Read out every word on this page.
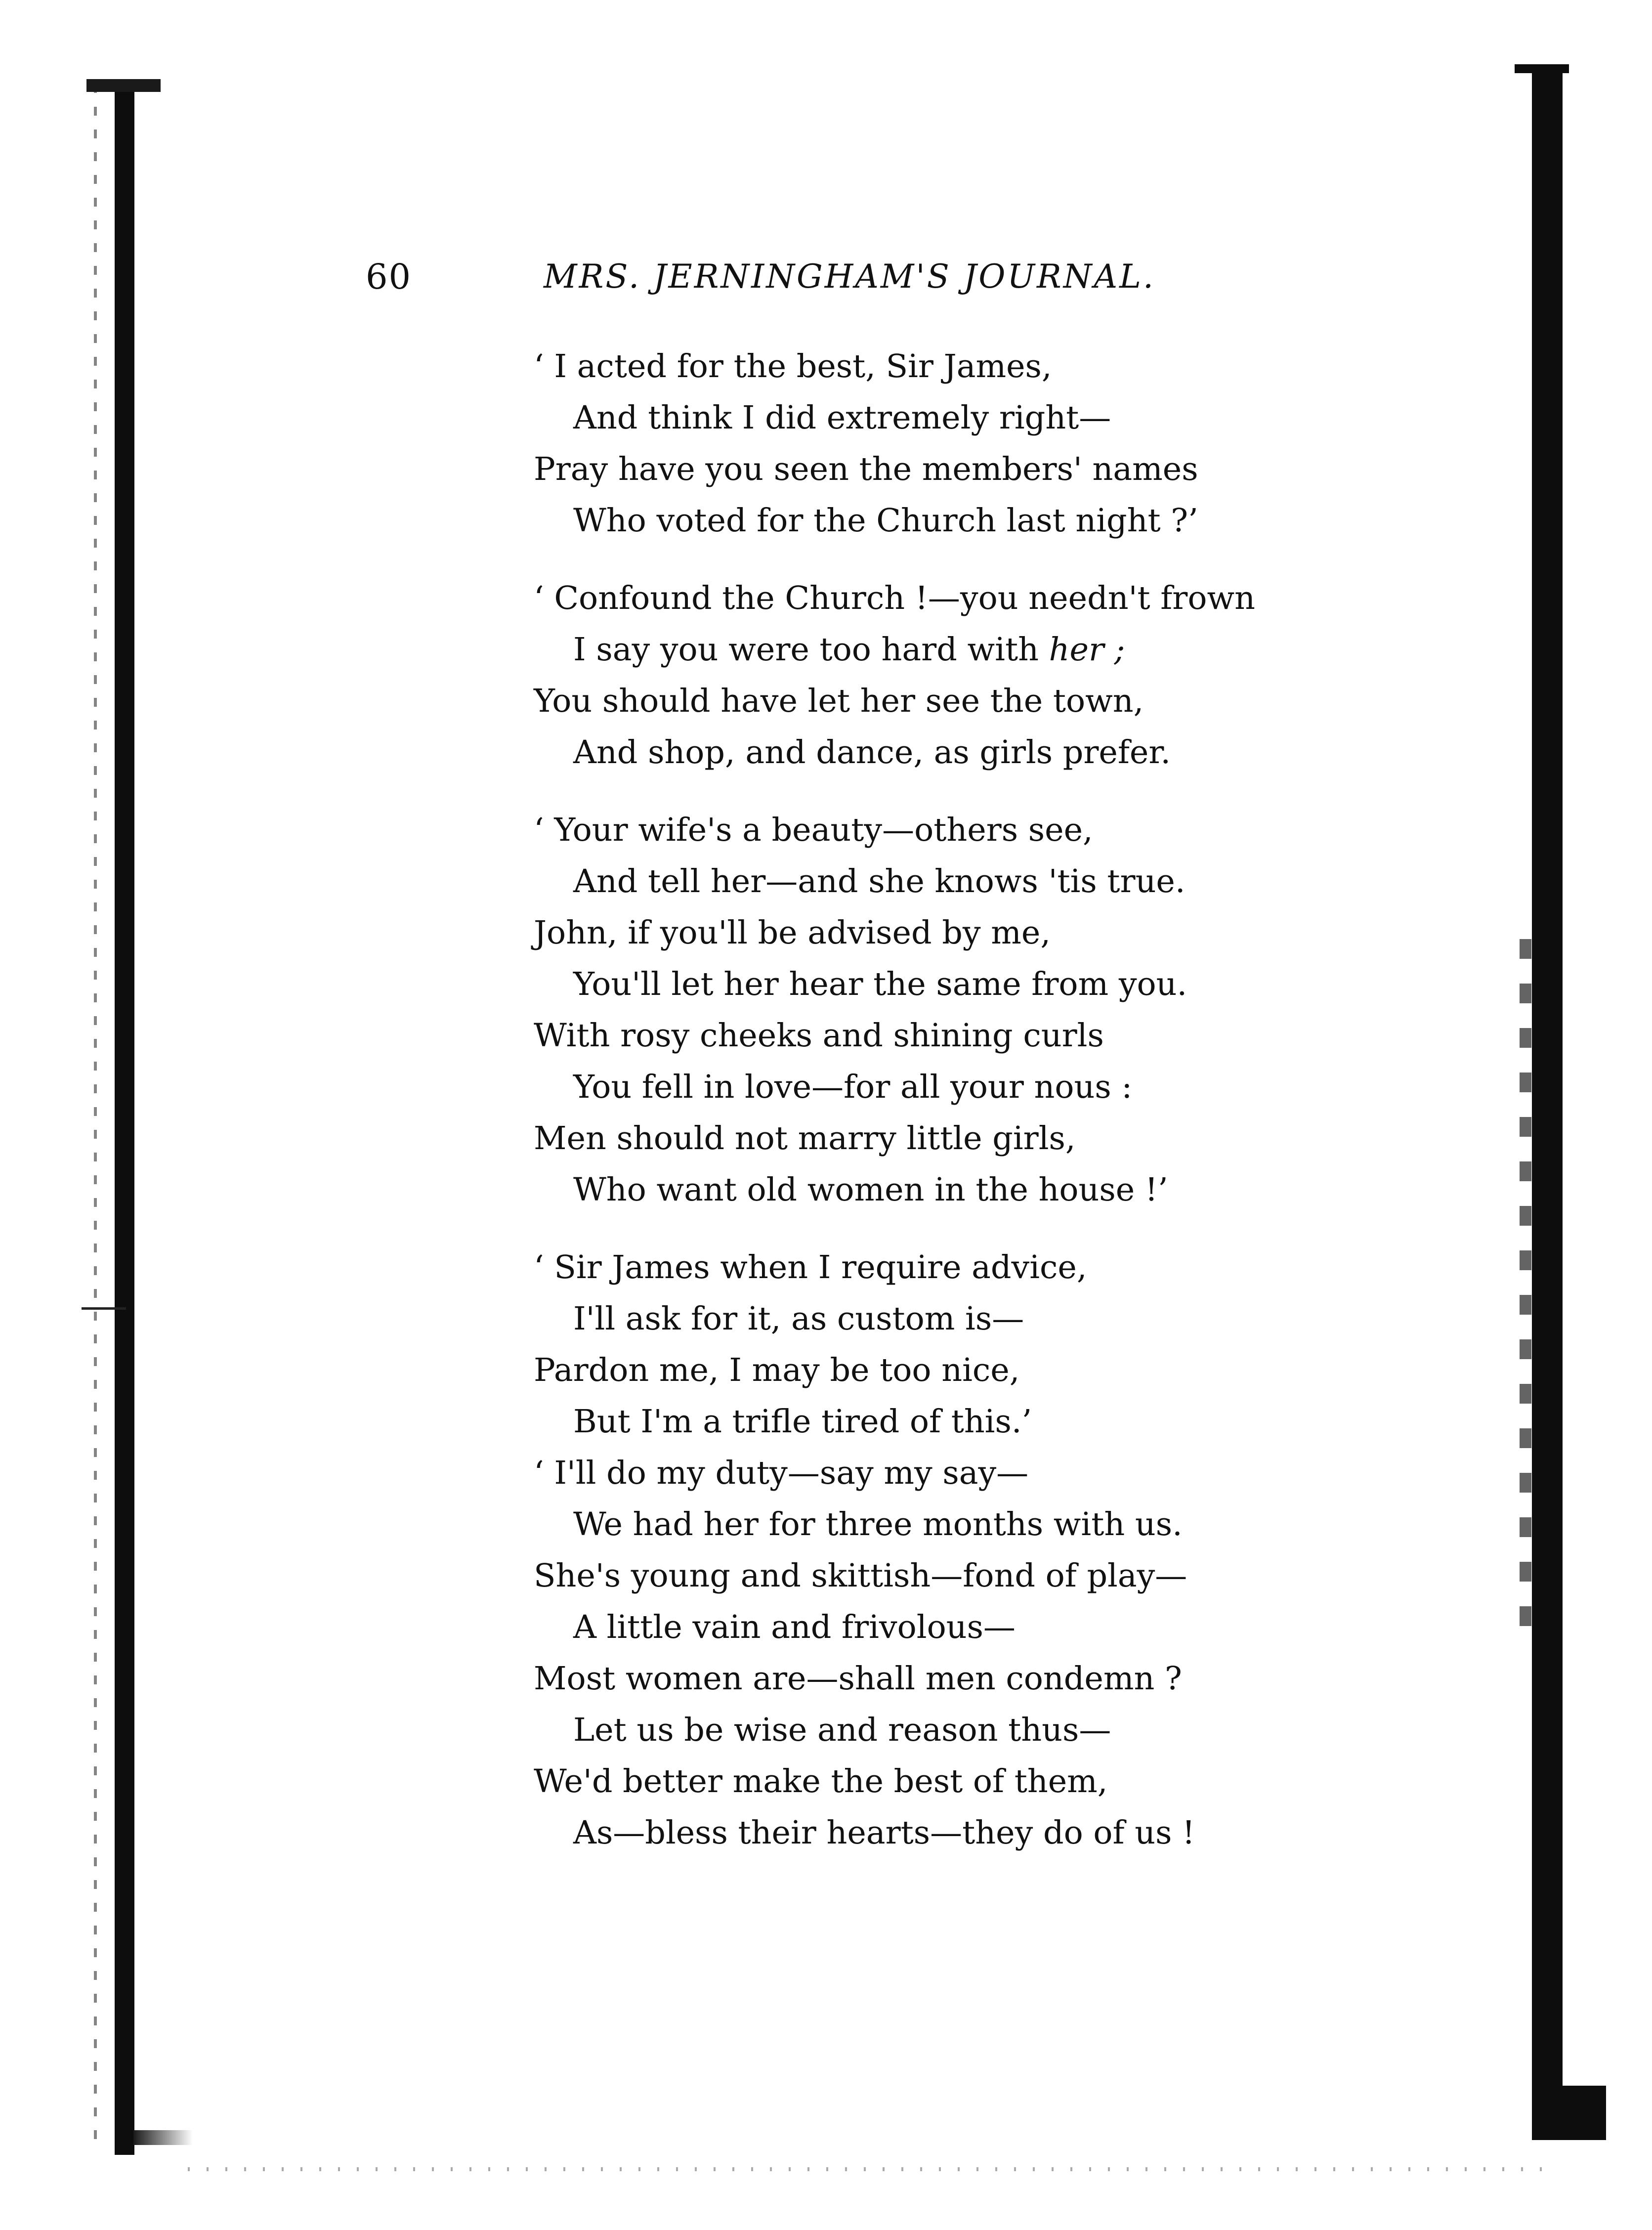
60	MRS. JERNINGHAM'S JOURNAL.
‘ I acted for the best, Sir James,
And think I did extremely right—
Pray have you seen the members' names
Who voted for the Church last night ?’
‘ Confound the Church !—you needn't frown
I say you were too hard with her ;
You should have let her see the town,
And shop, and dance, as girls prefer.
‘ Your wife's a beauty—others see,
And tell her—and she knows 'tis true.
John, if you'll be advised by me,
You'll let her hear the same from you.
With rosy cheeks and shining curls
You fell in love—for all your nous :
Men should not marry little girls,
Who want old women in the house !’
‘ Sir James when I require advice,
I'll ask for it, as custom is—
Pardon me, I may be too nice,
But I'm a trifle tired of this.’
‘ I'll do my duty—say my say—
We had her for three months with us.
She's young and skittish—fond of play—
A little vain and frivolous—
Most women are—shall men condemn ?
Let us be wise and reason thus—
We'd better make the best of them,
As—bless their hearts—they do of us !
